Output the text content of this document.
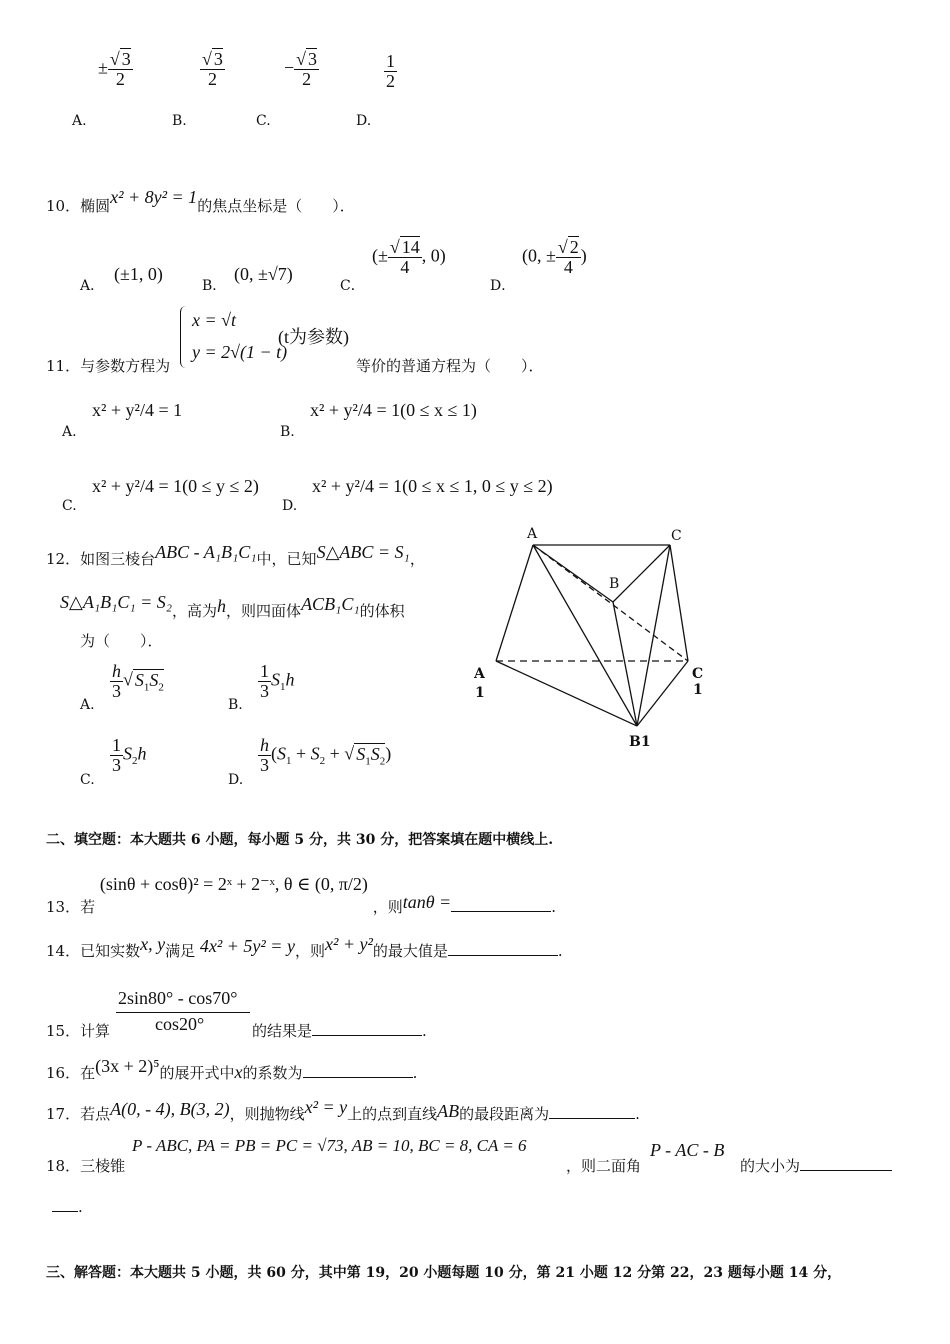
± $\frac{√ 3}{2}$	$\frac{√ 3}{2}$	− $\frac{√ 3}{2}$	$\frac{1}{2}$
A.	B.	C.	D.
10．椭圆x² + 8y² = 1的焦点坐标是（　　）．
A．
(±1, 0)
B．
(0, ±√7)
C．
(± $\frac{√ 14}{4}$ , 0)
D．
(0, ± $\frac{√ 2}{4}$ )
11．与参数方程为
x = √t
y = 2√(1 − t)
(t为参数)
等价的普通方程为（　　）．
A.
x² + y²/4 = 1
B.
x² + y²/4 = 1(0 ≤ x ≤ 1)
C.
x² + y²/4 = 1(0 ≤ y ≤ 2)
D.
x² + y²/4 = 1(0 ≤ x ≤ 1, 0 ≤ y ≤ 2)
12．如图三棱台ABC - A₁B₁C₁中，已知S△ABC = S₁，
S△A₁B₁C₁ = S₂，高为h，则四面体ACB₁C₁的体积
为（　　）．
A.
$\frac{h}{3}$ √ $S_1S_2$
B.
$\frac{1}{3} S_1h$
C.
$\frac{1}{3} S_2h$
D.
$\frac{h}{3} (S_1 + S_2$ + √ $S_1S_2$)
A	C
B
A
1
C
1
B1
二、填空题：本大题共 6 小题，每小题 5 分，共 30 分，把答案填在题中横线上.
13．若 (sinθ + cosθ)² = 2ˣ + 2⁻ˣ, θ ∈ (0, π/2) ，则tanθ =	.
14．已知实数x, y满足 4x² + 5y² = y，则x² + y²的最大值是	.
15． 计算
2sin80° - cos70°
cos20°	的结果是	.
16．在(3x + 2)⁵的展开式中x的系数为	.
17．若点A(0, - 4), B(3, 2)，则抛物线x² = y上的点到直线AB的最段距离为	.
18．三棱锥
P - ABC, PA = PB = PC = √73, AB = 10, BC = 8, CA = 6
，则二面角
P - AC - B
的大小为
.
三、解答题：本大题共 5 小题，共 60 分，其中第 19，20 小题每题 10 分，第 21 小题 12 分第 22，23 题每小题 14 分，
